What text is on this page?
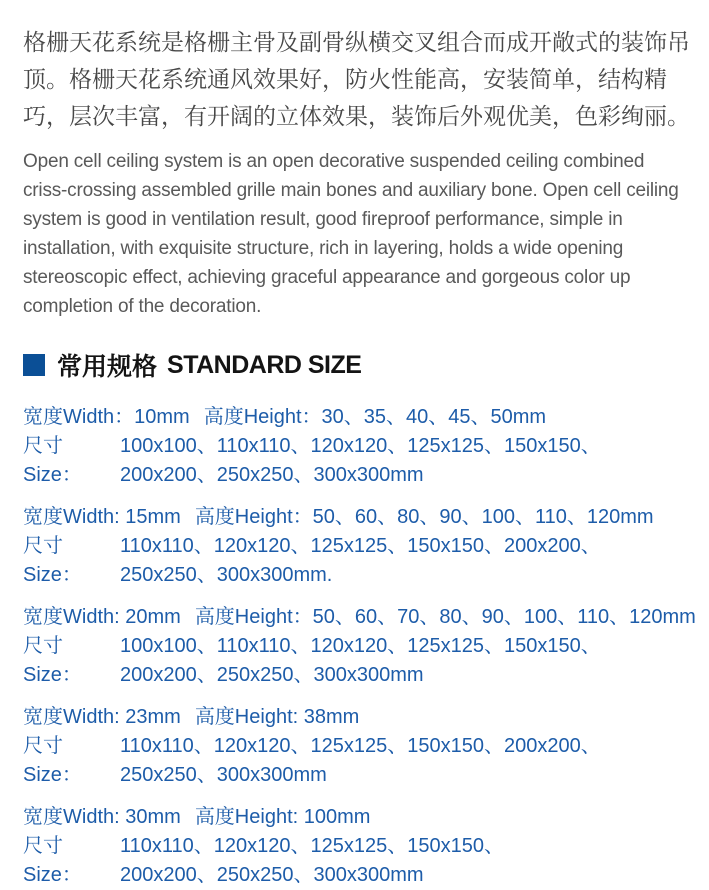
格栅天花系统是格栅主骨及副骨纵横交叉组合而成开敞式的装饰吊顶。格栅天花系统通风效果好，防火性能高，安装简单，结构精巧，层次丰富，有开阔的立体效果，装饰后外观优美，色彩绚丽。

Open cell ceiling system is an open decorative suspended ceiling combined criss-crossing assembled grille main bones and auxiliary bone. Open cell ceiling system is good in ventilation result, good fireproof performance, simple in installation, with exquisite structure, rich in layering, holds a wide opening stereoscopic effect, achieving graceful appearance and gorgeous color up completion of the decoration.

常用规格 STANDARD SIZE
宽度Width：10mm 高度Height：30、35、40、45、50mm
尺寸Size：
100x100、110x110、120x120、125x125、150x150、
200x200、250x250、300x300mm
宽度Width: 15mm 高度Height：50、60、80、90、100、110、120mm
尺寸Size：
110x110、120x120、125x125、150x150、200x200、
250x250、300x300mm.
宽度Width: 20mm 高度Height：50、60、70、80、90、100、110、120mm
尺寸Size：
100x100、110x110、120x120、125x125、150x150、
200x200、250x250、300x300mm
宽度Width: 23mm 高度Height: 38mm
尺寸Size：
110x110、120x120、125x125、150x150、200x200、
250x250、300x300mm
宽度Width: 30mm 高度Height: 100mm
尺寸Size：
110x110、120x120、125x125、150x150、
200x200、250x250、300x300mm
